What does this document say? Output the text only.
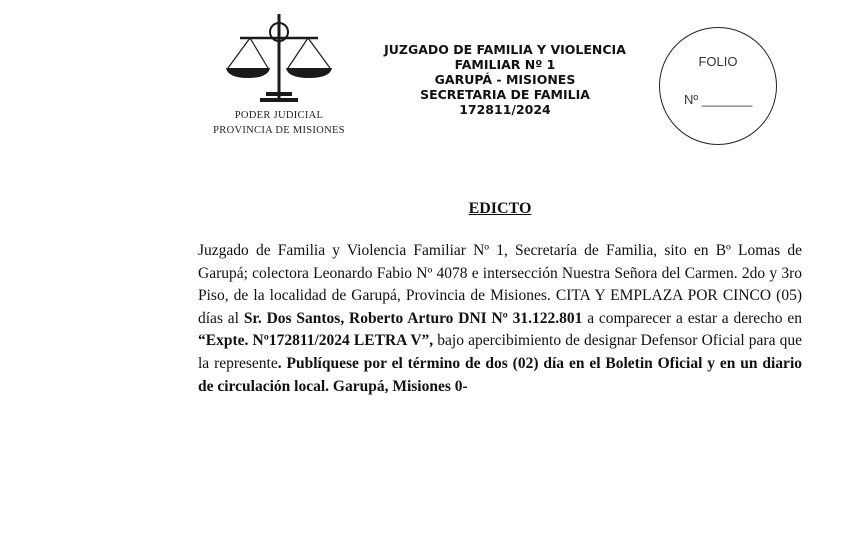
PODER JUDICIAL
PROVINCIA DE MISIONES
JUZGADO DE FAMILIA Y VIOLENCIA
FAMILIAR Nº 1
GARUPÁ - MISIONES
SECRETARIA DE FAMILIA
172811/2024
FOLIO
Nº _______
EDICTO
Juzgado de Familia y Violencia Familiar Nº 1, Secretaría de Familia, sito en Bº Lomas de Garupá; colectora Leonardo Fabio Nº 4078 e intersección Nuestra Señora del Carmen. 2do y 3ro Piso, de la localidad de Garupá, Provincia de Misiones. CITA Y EMPLAZA POR CINCO (05) días al Sr. Dos Santos, Roberto Arturo DNI Nº 31.122.801 a comparecer a estar a derecho en “Expte. Nº172811/2024 LETRA V”, bajo apercibimiento de designar Defensor Oficial para que la represente. Publíquese por el término de dos (02) día en el Boletin Oficial y en un diario de circulación local. Garupá, Misiones 0-
